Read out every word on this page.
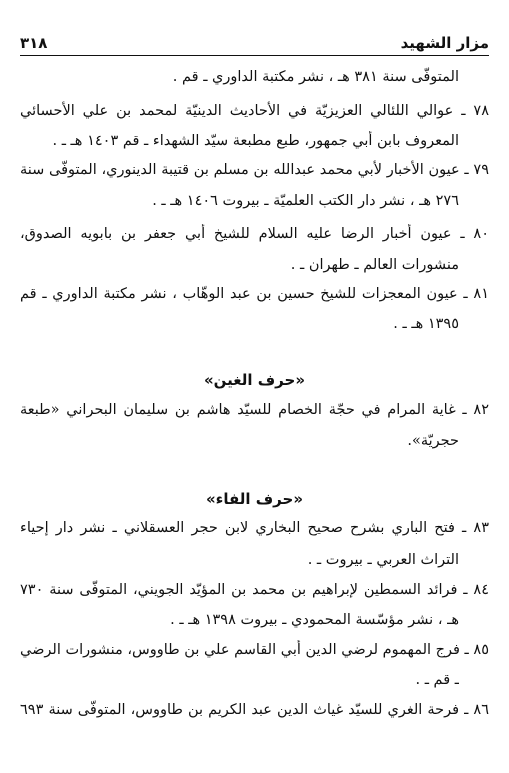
مزار الشهيد
٣١٨
المتوفّى سنة ٣٨١ هـ ، نشر مكتبة الداوري ـ قم .
٧٨ ـ عوالي اللئالي العزيزيّة في الأحاديث الدينيّة لمحمد بن علي الأحسائي
المعروف بابن أبي جمهور، طبع مطبعة سيّد الشهداء ـ قم ١٤٠٣ هـ ـ .
٧٩ ـ عيون الأخبار لأبي محمد عبدالله بن مسلم بن قتيبة الدينوري، المتوفّى سنة
٢٧٦ هـ ، نشر دار الكتب العلميّة ـ بيروت ١٤٠٦ هـ ـ .
٨٠ ـ عيون أخبار الرضا عليه السلام للشيخ أبي جعفر بن بابويه الصدوق،
منشورات العالم ـ طهران ـ .
٨١ ـ عيون المعجزات للشيخ حسين بن عبد الوهّاب ، نشر مكتبة الداوري ـ قم
١٣٩٥ هـ ـ .
«حرف الغين»
٨٢ ـ غاية المرام في حجّة الخصام للسيّد هاشم بن سليمان البحراني «طبعة
حجريّة».
«حرف الفاء»
٨٣ ـ فتح الباري بشرح صحيح البخاري لابن حجر العسقلاني ـ نشر دار إحياء
التراث العربي ـ بيروت ـ .
٨٤ ـ فرائد السمطين لإبراهيم بن محمد بن المؤيّد الجويني، المتوفّى سنة ٧٣٠
هـ ، نشر مؤسّسة المحمودي ـ بيروت ١٣٩٨ هـ ـ .
٨٥ ـ فرج المهموم لرضي الدين أبي القاسم علي بن طاووس، منشورات الرضي
ـ قم ـ .
٨٦ ـ فرحة الغري للسيّد غياث الدين عبد الكريم بن طاووس، المتوفّى سنة ٦٩٣
